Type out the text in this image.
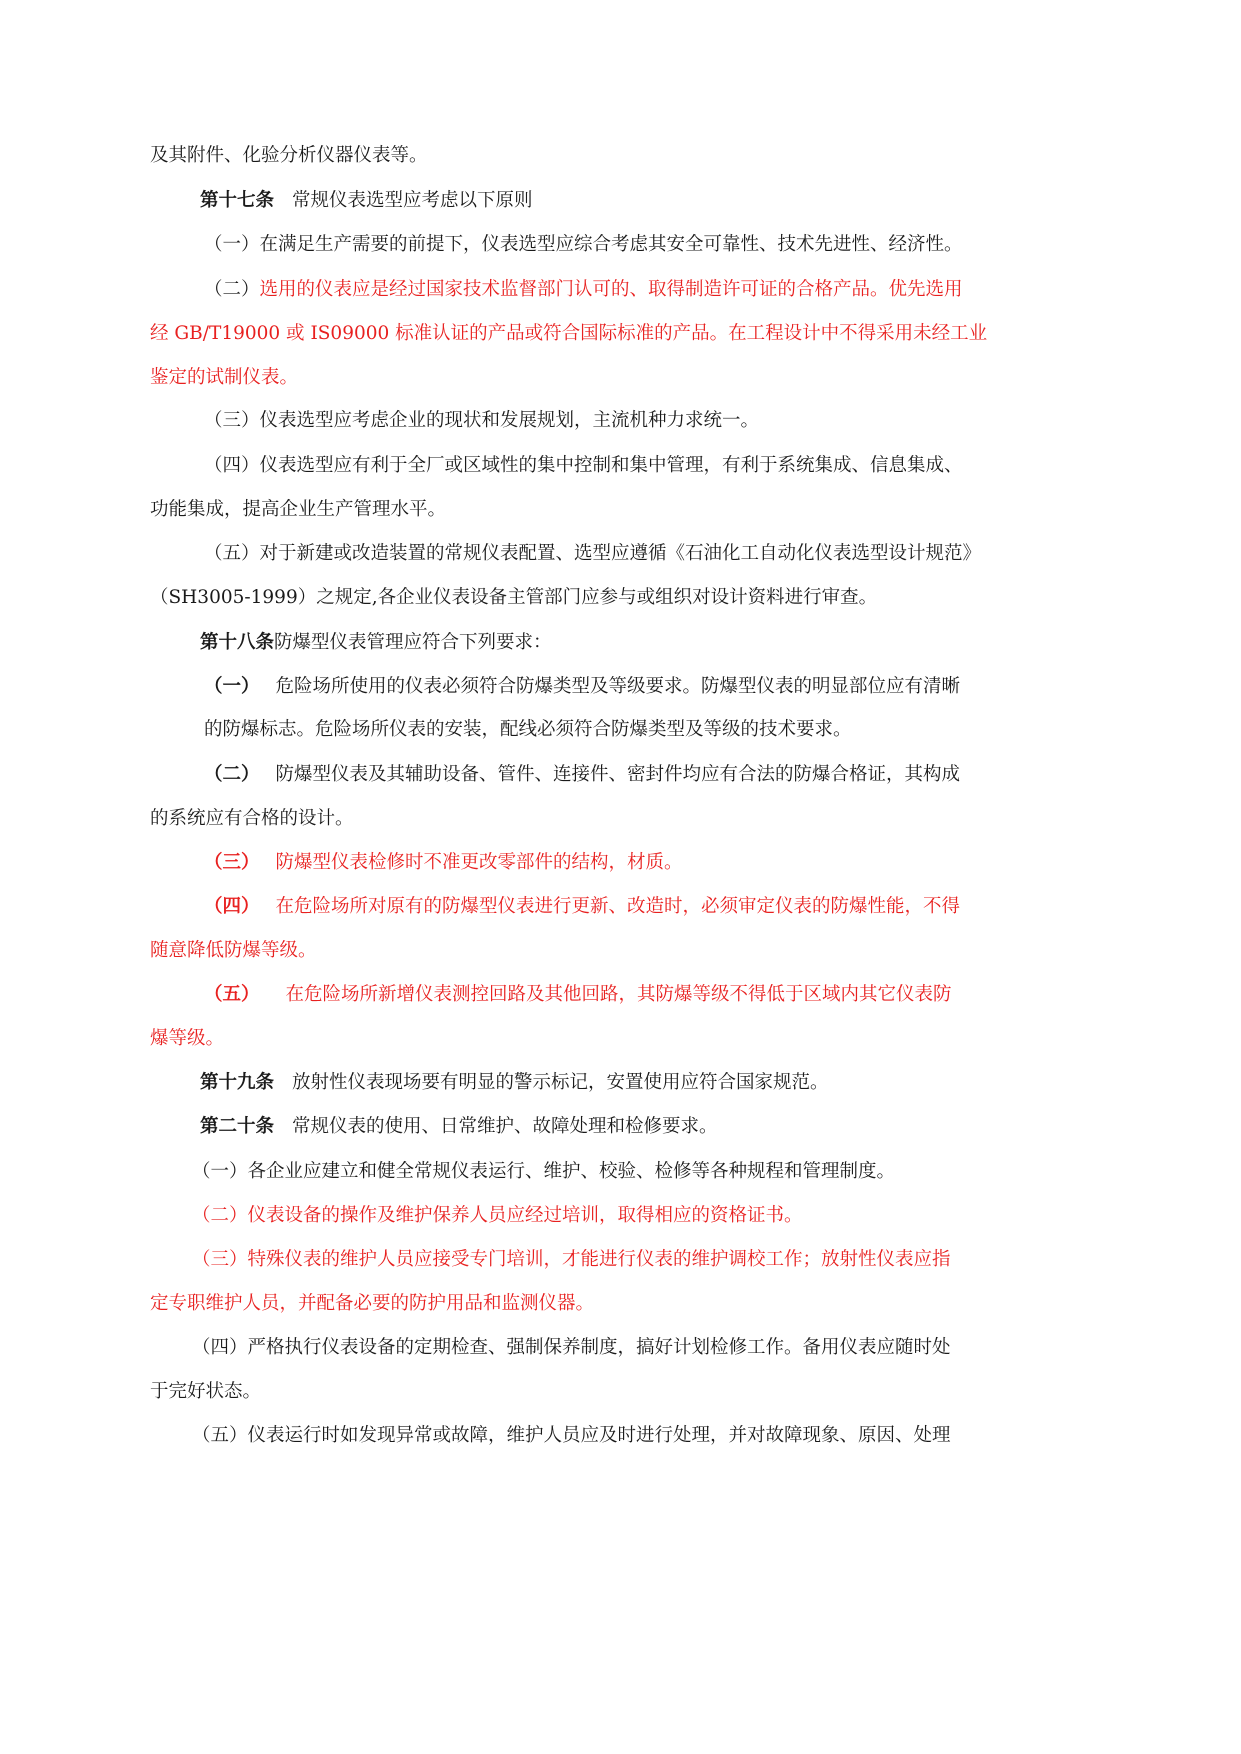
及其附件、化验分析仪器仪表等。
第十七条 常规仪表选型应考虑以下原则
（一）在满足生产需要的前提下，仪表选型应综合考虑其安全可靠性、技术先进性、经济性。
（二）选用的仪表应是经过国家技术监督部门认可的、取得制造许可证的合格产品。优先选用
经 GB/T19000 或 IS09000 标准认证的产品或符合国际标准的产品。在工程设计中不得采用未经工业
鉴定的试制仪表。
（三）仪表选型应考虑企业的现状和发展规划，主流机种力求统一。
（四）仪表选型应有利于全厂或区域性的集中控制和集中管理，有利于系统集成、信息集成、
功能集成，提高企业生产管理水平。
（五）对于新建或改造装置的常规仪表配置、选型应遵循《石油化工自动化仪表选型设计规范》
（SH3005-1999）之规定,各企业仪表设备主管部门应参与或组织对设计资料进行审查。
第十八条防爆型仪表管理应符合下列要求：
（一） 危险场所使用的仪表必须符合防爆类型及等级要求。防爆型仪表的明显部位应有清晰
的防爆标志。危险场所仪表的安装，配线必须符合防爆类型及等级的技术要求。
（二） 防爆型仪表及其辅助设备、管件、连接件、密封件均应有合法的防爆合格证，其构成
的系统应有合格的设计。
（三） 防爆型仪表检修时不准更改零部件的结构，材质。
（四） 在危险场所对原有的防爆型仪表进行更新、改造时，必须审定仪表的防爆性能，不得
随意降低防爆等级。
（五） 在危险场所新增仪表测控回路及其他回路，其防爆等级不得低于区域内其它仪表防
爆等级。
第十九条 放射性仪表现场要有明显的警示标记，安置使用应符合国家规范。
第二十条 常规仪表的使用、日常维护、故障处理和检修要求。
（一）各企业应建立和健全常规仪表运行、维护、校验、检修等各种规程和管理制度。
（二）仪表设备的操作及维护保养人员应经过培训，取得相应的资格证书。
（三）特殊仪表的维护人员应接受专门培训，才能进行仪表的维护调校工作；放射性仪表应指
定专职维护人员，并配备必要的防护用品和监测仪器。
（四）严格执行仪表设备的定期检查、强制保养制度，搞好计划检修工作。备用仪表应随时处
于完好状态。
（五）仪表运行时如发现异常或故障，维护人员应及时进行处理，并对故障现象、原因、处理
